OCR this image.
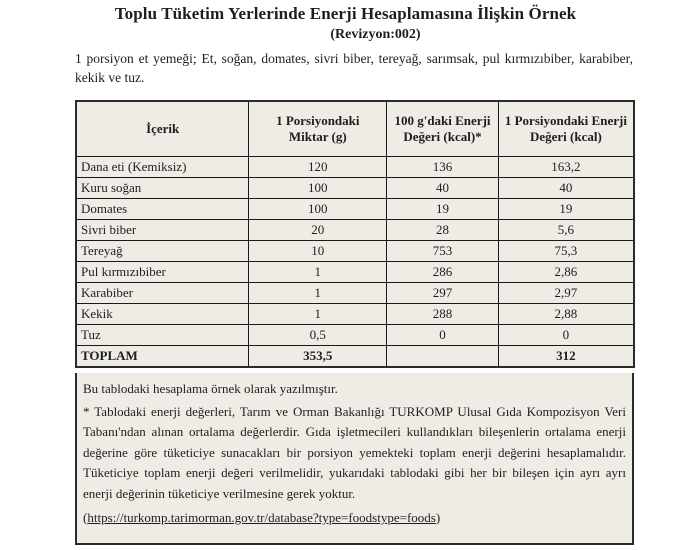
Toplu Tüketim Yerlerinde Enerji Hesaplamasına İlişkin Örnek
(Revizyon:002)
1 porsiyon et yemeği; Et, soğan, domates, sivri biber, tereyağ, sarımsak, pul kırmızıbiber, karabiber, kekik ve tuz.
İçerik	1 Porsiyondaki Miktar (g)	100 g'daki Enerji Değeri (kcal)*	1 Porsiyondaki Enerji Değeri (kcal)
Dana eti (Kemiksiz)	120	136	163,2
Kuru soğan	100	40	40
Domates	100	19	19
Sivri biber	20	28	5,6
Tereyağ	10	753	75,3
Pul kırmızıbiber	1	286	2,86
Karabiber	1	297	2,97
Kekik	1	288	2,88
Tuz	0,5	0	0
TOPLAM	353,5		312

Bu tablodaki hesaplama örnek olarak yazılmıştır.

* Tablodaki enerji değerleri, Tarım ve Orman Bakanlığı TURKOMP Ulusal Gıda Kompozisyon Veri Tabanı'ndan alınan ortalama değerlerdir. Gıda işletmecileri kullandıkları bileşenlerin ortalama enerji değerine göre tüketiciye sunacakları bir porsiyon yemekteki toplam enerji değerini hesaplamalıdır. Tüketiciye toplam enerji değeri verilmelidir, yukarıdaki tablodaki gibi her bir bileşen için ayrı ayrı enerji değerinin tüketiciye verilmesine gerek yoktur.

(https://turkomp.tarimorman.gov.tr/database?type=foodstype=foods)
